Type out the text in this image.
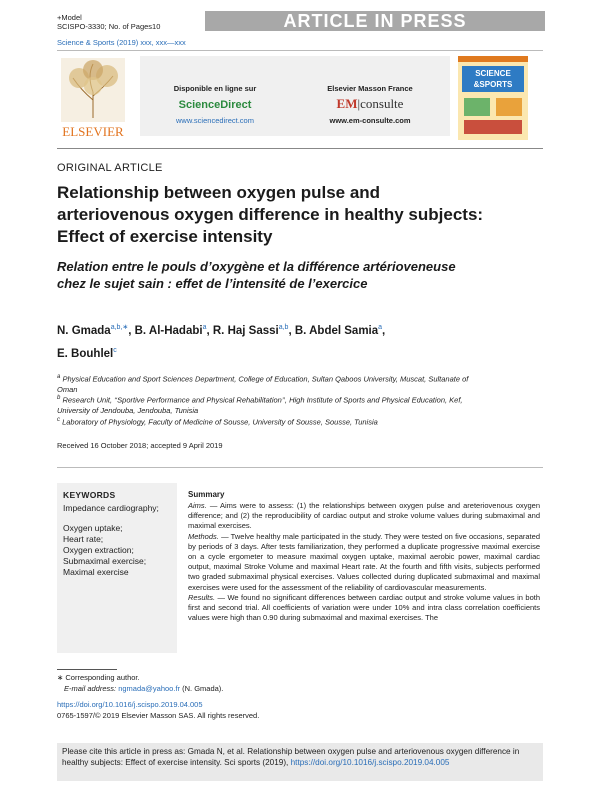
+Model
SCISPO-3330; No. of Pages10	ARTICLE IN PRESS
Science & Sports (2019) xxx, xxx—xxx
ELSEVIER
Disponible en ligne sur
ScienceDirect
www.sciencedirect.com
Elsevier Masson France
EM|consulte
www.em-consulte.com
SCIENCE
&SPORTS
ORIGINAL ARTICLE
Relationship between oxygen pulse and arteriovenous oxygen difference in healthy subjects: Effect of exercise intensity
Relation entre le pouls d’oxygène et la différence artérioveneuse chez le sujet sain : effet de l’intensité de l’exercice
N. Gmada$^{a,b,∗}$, B. Al-Hadabi$^a$, R. Haj Sassi$^{a,b}$, B. Abdel Samia$^a$,
E. Bouhlel$^c$
$^a$ Physical Education and Sport Sciences Department, College of Education, Sultan Qaboos University, Muscat, Sultanate of Oman
$^b$ Research Unit, ‘‘Sportive Performance and Physical Rehabilitation’’, High Institute of Sports and Physical Education, Kef, University of Jendouba, Jendouba, Tunisia
$^c$ Laboratory of Physiology, Faculty of Medicine of Sousse, University of Sousse, Sousse, Tunisia
Received 16 October 2018; accepted 9 April 2019
KEYWORDS
Impedance cardiography;
Oxygen uptake;
Heart rate;
Oxygen extraction;
Submaximal exercise;
Maximal exercise
Summary
Aims. — Aims were to assess: (1) the relationships between oxygen pulse and areteriovenous oxygen difference; and (2) the reproducibility of cardiac output and stroke volume values during submaximal and maximal exercises.
Methods. — Twelve healthy male participated in the study. They were tested on five occasions, separated by periods of 3 days. After tests familiarization, they performed a duplicate progressive maximal exercise on a cycle ergometer to measure maximal oxygen uptake, maximal aerobic power, maximal cardiac output, maximal Stroke Volume and maximal Heart rate. At the fourth and fifth visits, subjects performed two graded submaximal physical exercises. Values collected during duplicated submaximal and maximal exercises were used for the assessment of the reliability of cardiovascular measurements.
Results. — We found no significant differences between cardiac output and stroke volume values in both first and second trial. All coefficients of variation were under 10% and intra class correlation coefficients values were high than 0.90 during submaximal and maximal exercises. The
∗ Corresponding author.
E-mail address: ngmada@yahoo.fr (N. Gmada).
https://doi.org/10.1016/j.scispo.2019.04.005
0765-1597/© 2019 Elsevier Masson SAS. All rights reserved.
Please cite this article in press as: Gmada N, et al. Relationship between oxygen pulse and arteriovenous oxygen difference in healthy subjects: Effect of exercise intensity. Sci sports (2019), https://doi.org/10.1016/j.scispo.2019.04.005
